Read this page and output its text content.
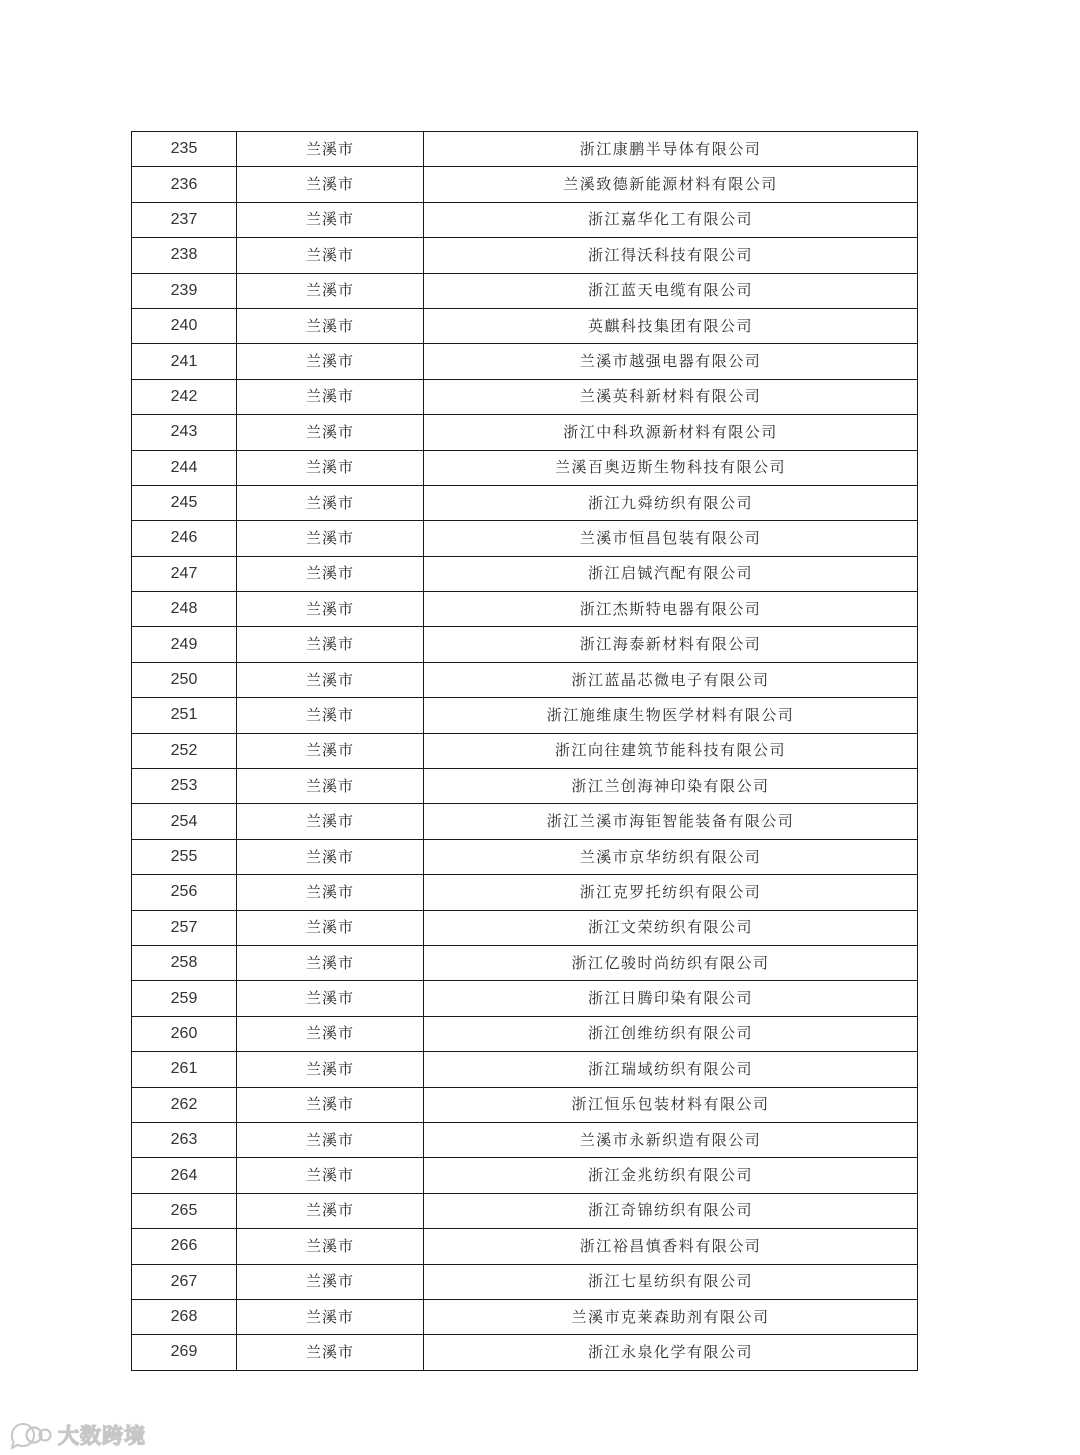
235	兰溪市	浙江康鹏半导体有限公司
236	兰溪市	兰溪致德新能源材料有限公司
237	兰溪市	浙江嘉华化工有限公司
238	兰溪市	浙江得沃科技有限公司
239	兰溪市	浙江蓝天电缆有限公司
240	兰溪市	英麒科技集团有限公司
241	兰溪市	兰溪市越强电器有限公司
242	兰溪市	兰溪英科新材料有限公司
243	兰溪市	浙江中科玖源新材料有限公司
244	兰溪市	兰溪百奥迈斯生物科技有限公司
245	兰溪市	浙江九舜纺织有限公司
246	兰溪市	兰溪市恒昌包装有限公司
247	兰溪市	浙江启铖汽配有限公司
248	兰溪市	浙江杰斯特电器有限公司
249	兰溪市	浙江海泰新材料有限公司
250	兰溪市	浙江蓝晶芯微电子有限公司
251	兰溪市	浙江施维康生物医学材料有限公司
252	兰溪市	浙江向往建筑节能科技有限公司
253	兰溪市	浙江兰创海神印染有限公司
254	兰溪市	浙江兰溪市海钜智能装备有限公司
255	兰溪市	兰溪市京华纺织有限公司
256	兰溪市	浙江克罗托纺织有限公司
257	兰溪市	浙江文荣纺织有限公司
258	兰溪市	浙江亿骏时尚纺织有限公司
259	兰溪市	浙江日腾印染有限公司
260	兰溪市	浙江创维纺织有限公司
261	兰溪市	浙江瑞域纺织有限公司
262	兰溪市	浙江恒乐包装材料有限公司
263	兰溪市	兰溪市永新织造有限公司
264	兰溪市	浙江金兆纺织有限公司
265	兰溪市	浙江奇锦纺织有限公司
266	兰溪市	浙江裕昌慎香料有限公司
267	兰溪市	浙江七星纺织有限公司
268	兰溪市	兰溪市克莱森助剂有限公司
269	兰溪市	浙江永泉化学有限公司
大数跨境
